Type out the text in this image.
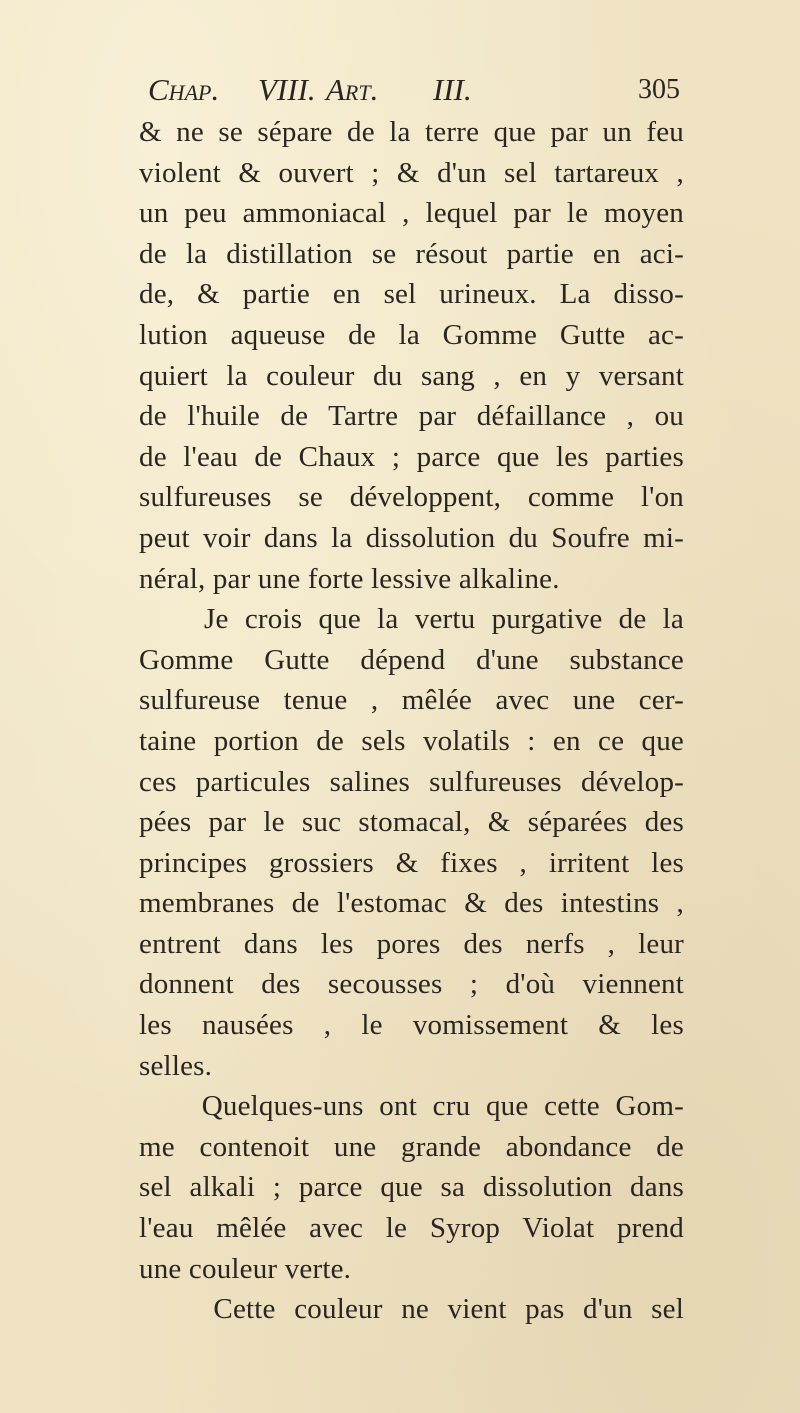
Chap. VIII. Art. III.	305
& ne se sépare de la terre que par un feu
violent & ouvert ; & d'un sel tartareux ,
un peu ammoniacal , lequel par le moyen
de la distillation se résout partie en aci-
de, & partie en sel urineux. La disso-
lution aqueuse de la Gomme Gutte ac-
quiert la couleur du sang , en y versant
de l'huile de Tartre par défaillance , ou
de l'eau de Chaux ; parce que les parties
sulfureuses se développent, comme l'on
peut voir dans la dissolution du Soufre mi-
néral, par une forte lessive alkaline.
Je crois que la vertu purgative de la
Gomme Gutte dépend d'une substance
sulfureuse tenue , mêlée avec une cer-
taine portion de sels volatils : en ce que
ces particules salines sulfureuses dévelop-
pées par le suc stomacal, & séparées des
principes grossiers & fixes , irritent les
membranes de l'estomac & des intestins ,
entrent dans les pores des nerfs , leur
donnent des secousses ; d'où viennent
les nausées , le vomissement & les
selles.
Quelques-uns ont cru que cette Gom-
me contenoit une grande abondance de
sel alkali ; parce que sa dissolution dans
l'eau mêlée avec le Syrop Violat prend
une couleur verte.
Cette couleur ne vient pas d'un sel
